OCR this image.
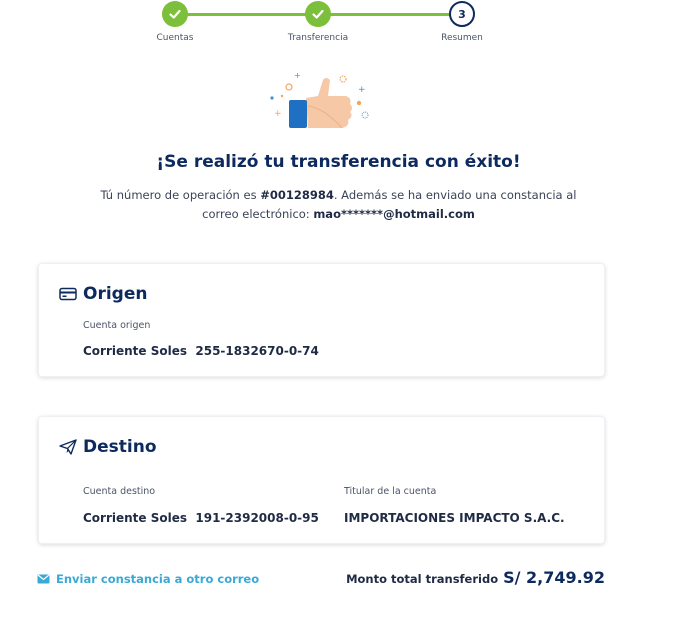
Cuentas	Transferencia
3
Resumen
+
+
+
¡Se realizó tu transferencia con éxito!
Tú número de operación es #00128984. Además se ha enviado una constancia al
correo electrónico: mao*******@hotmail.com
Origen
Cuenta origen
Corriente Soles 255-1832670-0-74
Destino
Cuenta destino
Corriente Soles 191-2392008-0-95
Titular de la cuenta
IMPORTACIONES IMPACTO S.A.C.
Enviar constancia a otro correo	Monto total transferido S/ 2,749.92
